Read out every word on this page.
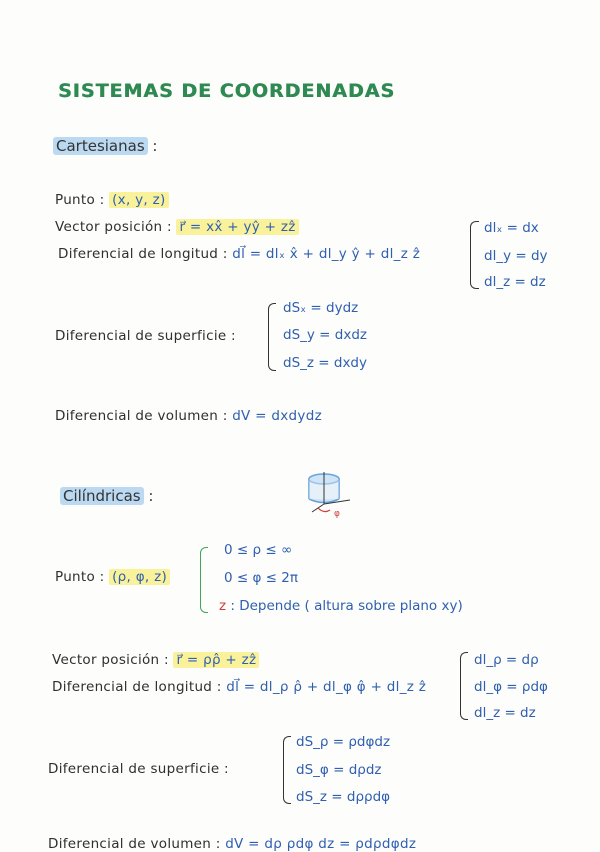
SISTEMAS DE COORDENADAS
Cartesianas :
Punto : (x, y, z)
Vector posición : r⃗ = xx̂ + yŷ + zẑ
Diferencial de longitud : dl⃗ = dlₓ x̂ + dl_y ŷ + dl_z ẑ
dlₓ = dx
dl_y = dy
dl_z = dz
Diferencial de superficie :
dSₓ = dydz
dS_y = dxdz
dS_z = dxdy
Diferencial de volumen : dV = dxdydz
Cilíndricas :
φ
Punto : (ρ, φ, z)
0 ≤ ρ ≤ ∞
0 ≤ φ ≤ 2π
z : Depende ( altura sobre plano xy)
Vector posición : r⃗ = ρρ̂ + zẑ
Diferencial de longitud : dl⃗ = dl_ρ ρ̂ + dl_φ φ̂ + dl_z ẑ
dl_ρ = dρ
dl_φ = ρdφ
dl_z = dz
Diferencial de superficie :
dS_ρ = ρdφdz
dS_φ = dρdz
dS_z = dρρdφ
Diferencial de volumen : dV = dρ ρdφ dz = ρdρdφdz
